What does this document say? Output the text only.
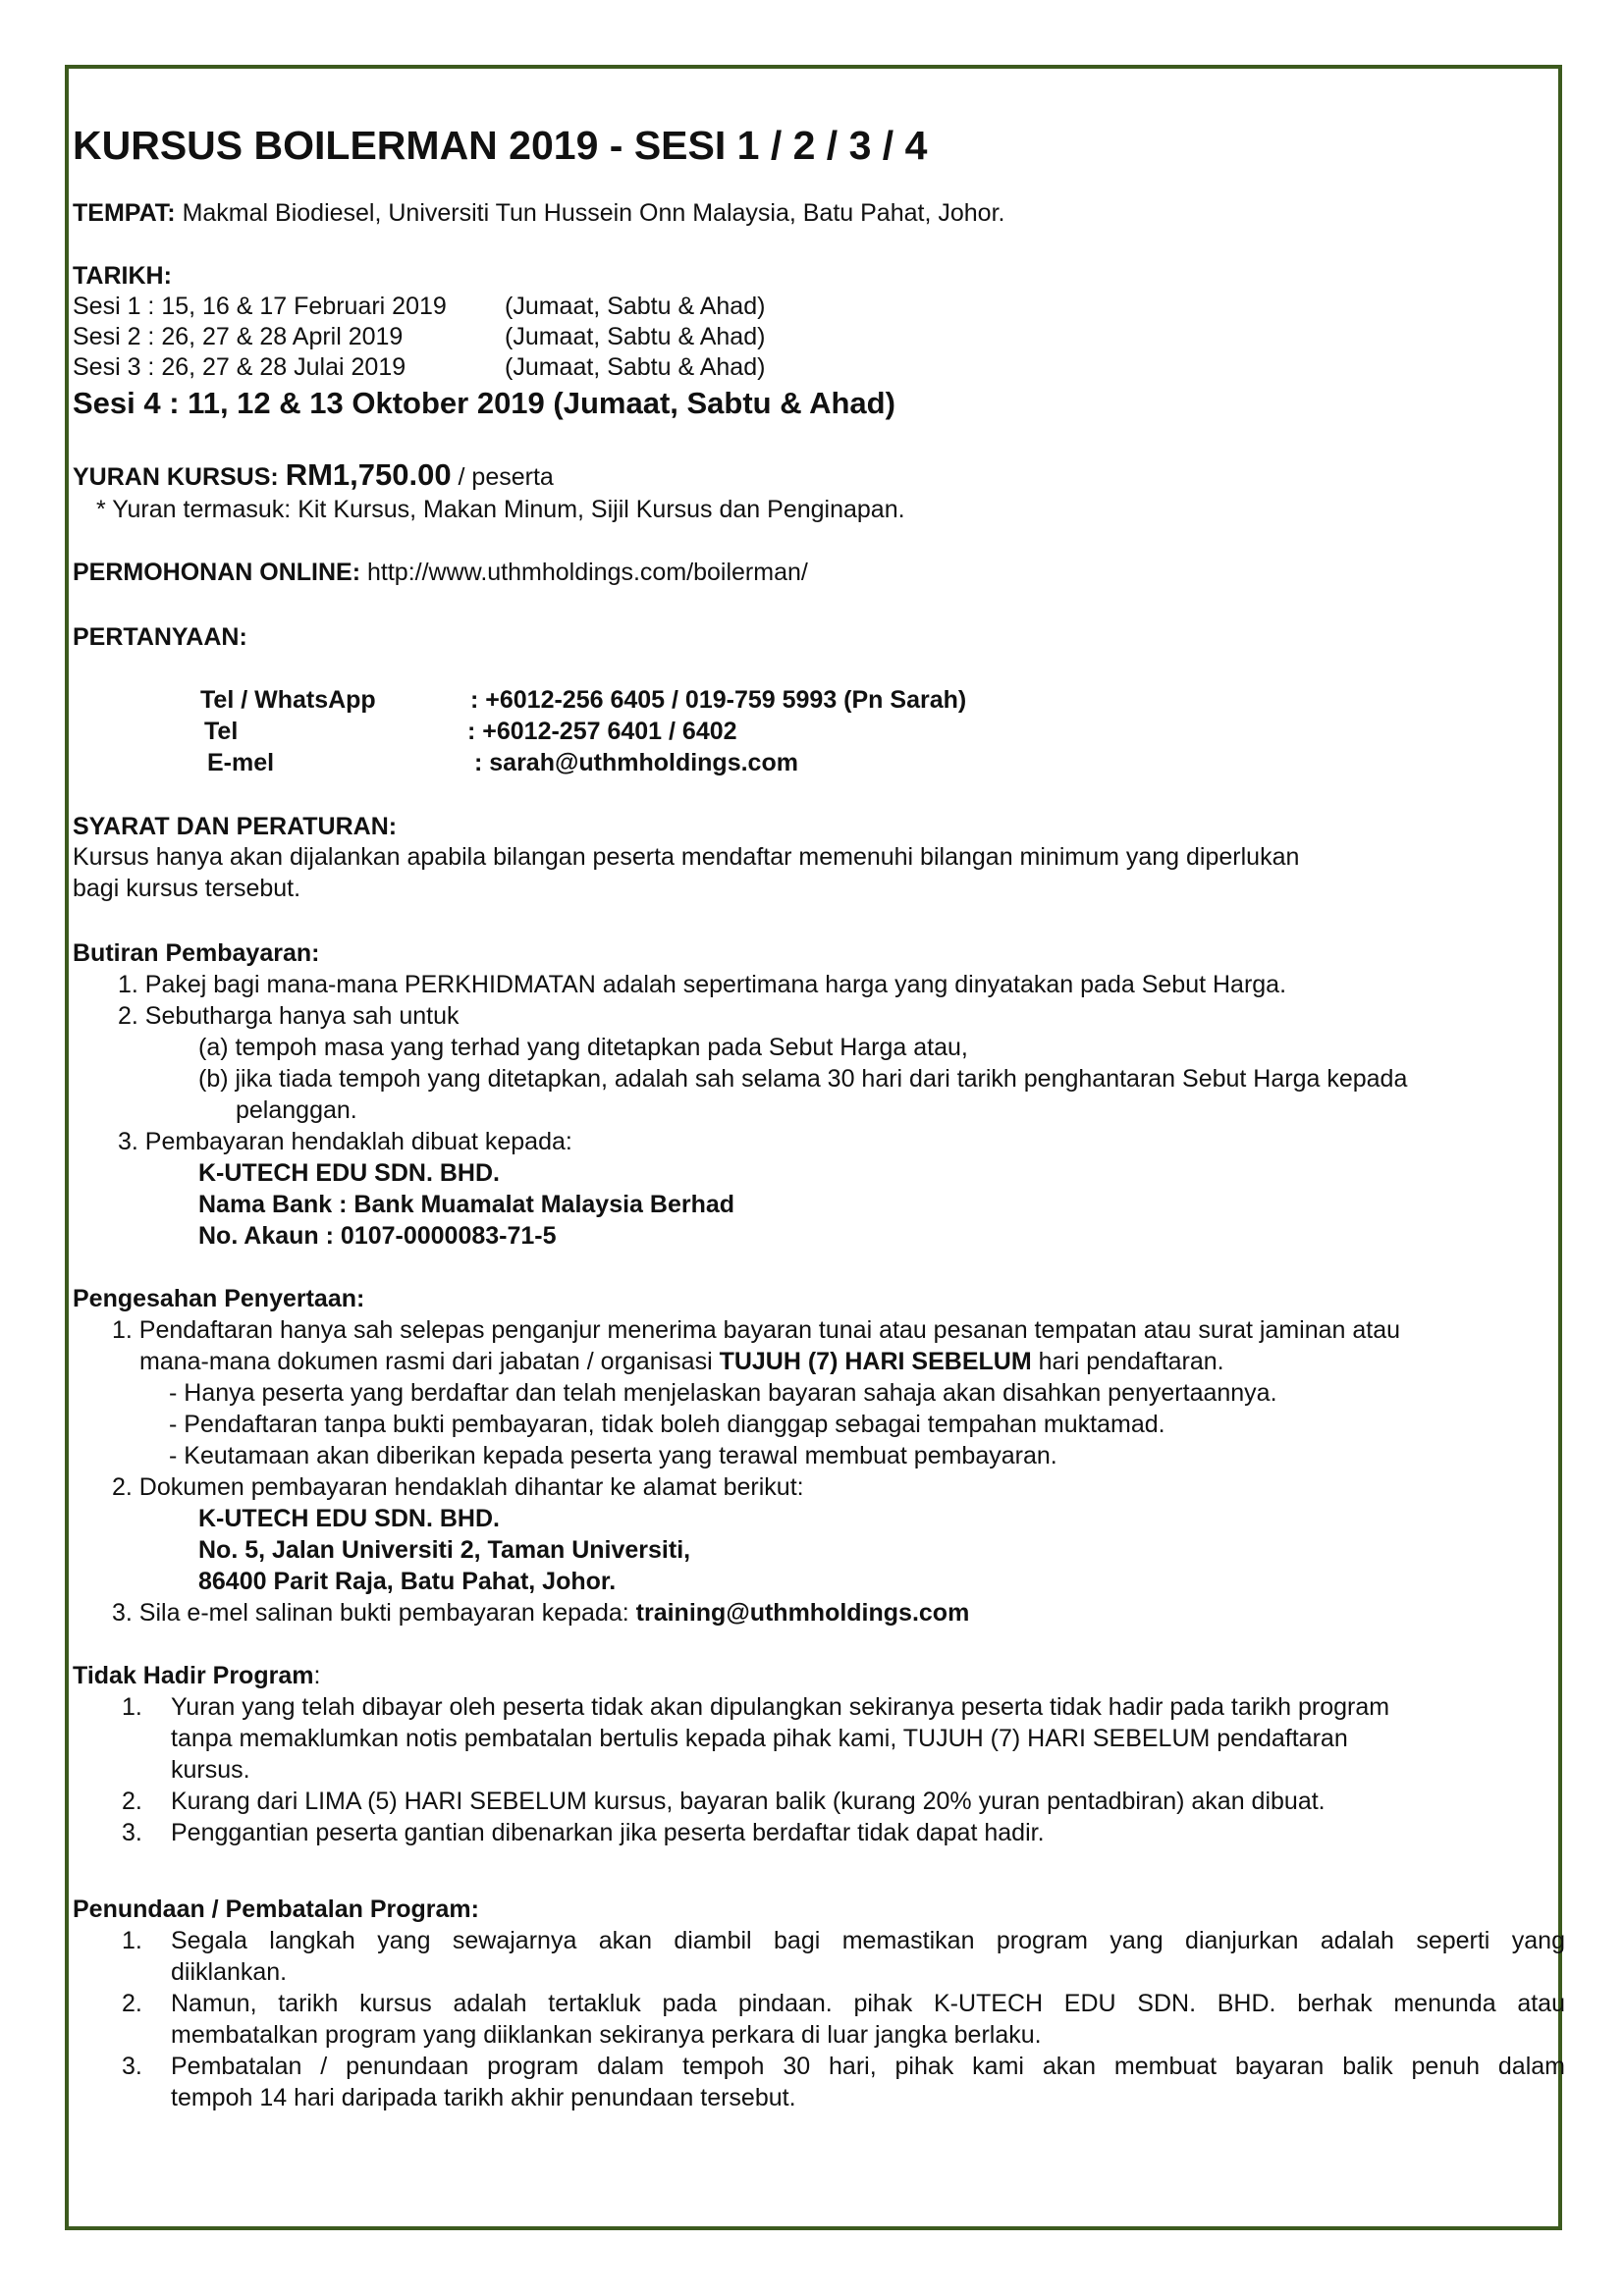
KURSUS BOILERMAN 2019 - SESI 1 / 2 / 3 / 4
TEMPAT: Makmal Biodiesel, Universiti Tun Hussein Onn Malaysia, Batu Pahat, Johor.
TARIKH:
Sesi 1 : 15, 16 & 17 Februari 2019 (Jumaat, Sabtu & Ahad)
Sesi 2 : 26, 27 & 28 April 2019	(Jumaat, Sabtu & Ahad)
Sesi 3 : 26, 27 & 28 Julai 2019	(Jumaat, Sabtu & Ahad)
Sesi 4 : 11, 12 & 13 Oktober 2019 (Jumaat, Sabtu & Ahad)
YURAN KURSUS: RM1,750.00 / peserta
* Yuran termasuk: Kit Kursus, Makan Minum, Sijil Kursus dan Penginapan.
PERMOHONAN ONLINE: http://www.uthmholdings.com/boilerman/
PERTANYAAN:
Tel / WhatsApp	: +6012-256 6405 / 019-759 5993 (Pn Sarah)
Tel	: +6012-257 6401 / 6402
E-mel	: sarah@uthmholdings.com
SYARAT DAN PERATURAN:
Kursus hanya akan dijalankan apabila bilangan peserta mendaftar memenuhi bilangan minimum yang diperlukan
bagi kursus tersebut.
Butiran Pembayaran:
1. Pakej bagi mana-mana PERKHIDMATAN adalah sepertimana harga yang dinyatakan pada Sebut Harga.
2. Sebutharga hanya sah untuk
(a) tempoh masa yang terhad yang ditetapkan pada Sebut Harga atau,
(b) jika tiada tempoh yang ditetapkan, adalah sah selama 30 hari dari tarikh penghantaran Sebut Harga kepada
pelanggan.
3. Pembayaran hendaklah dibuat kepada:
K-UTECH EDU SDN. BHD.
Nama Bank : Bank Muamalat Malaysia Berhad
No. Akaun : 0107-0000083-71-5
Pengesahan Penyertaan:
1. Pendaftaran hanya sah selepas penganjur menerima bayaran tunai atau pesanan tempatan atau surat jaminan atau
mana-mana dokumen rasmi dari jabatan / organisasi TUJUH (7) HARI SEBELUM hari pendaftaran.
- Hanya peserta yang berdaftar dan telah menjelaskan bayaran sahaja akan disahkan penyertaannya.
- Pendaftaran tanpa bukti pembayaran, tidak boleh dianggap sebagai tempahan muktamad.
- Keutamaan akan diberikan kepada peserta yang terawal membuat pembayaran.
2. Dokumen pembayaran hendaklah dihantar ke alamat berikut:
K-UTECH EDU SDN. BHD.
No. 5, Jalan Universiti 2, Taman Universiti,
86400 Parit Raja, Batu Pahat, Johor.
3. Sila e-mel salinan bukti pembayaran kepada: training@uthmholdings.com
Tidak Hadir Program:
1. Yuran yang telah dibayar oleh peserta tidak akan dipulangkan sekiranya peserta tidak hadir pada tarikh program
tanpa memaklumkan notis pembatalan bertulis kepada pihak kami, TUJUH (7) HARI SEBELUM pendaftaran
kursus.
2. Kurang dari LIMA (5) HARI SEBELUM kursus, bayaran balik (kurang 20% yuran pentadbiran) akan dibuat.
3. Penggantian peserta gantian dibenarkan jika peserta berdaftar tidak dapat hadir.
Penundaan / Pembatalan Program:
1. Segala langkah yang sewajarnya akan diambil bagi memastikan program yang dianjurkan adalah seperti yang
diiklankan.
2. Namun, tarikh kursus adalah tertakluk pada pindaan. pihak K-UTECH EDU SDN. BHD. berhak menunda atau
membatalkan program yang diiklankan sekiranya perkara di luar jangka berlaku.
3. Pembatalan / penundaan program dalam tempoh 30 hari, pihak kami akan membuat bayaran balik penuh dalam
tempoh 14 hari daripada tarikh akhir penundaan tersebut.
